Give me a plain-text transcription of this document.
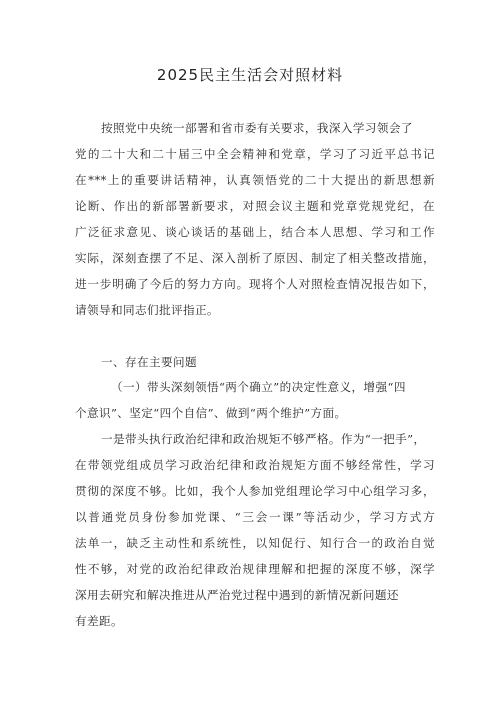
2025民主生活会对照材料
按照党中央统一部署和省市委有关要求，我深入学习领会了
党的二十大和二十届三中全会精神和党章，学习了习近平总书记
在***上的重要讲话精神，认真领悟党的二十大提出的新思想新
论断、作出的新部署新要求，对照会议主题和党章党规党纪，在
广泛征求意见、谈心谈话的基础上，结合本人思想、学习和工作
实际，深刻查摆了不足、深入剖析了原因、制定了相关整改措施，
进一步明确了今后的努力方向。现将个人对照检查情况报告如下，
请领导和同志们批评指正。
一、存在主要问题
（一）带头深刻领悟“两个确立”的决定性意义，增强“四
个意识”、坚定“四个自信”、做到“两个维护”方面。
一是带头执行政治纪律和政治规矩不够严格。作为“一把手”，
在带领党组成员学习政治纪律和政治规矩方面不够经常性，学习
贯彻的深度不够。比如，我个人参加党组理论学习中心组学习多，
以普通党员身份参加党课、“三会一课”等活动少，学习方式方
法单一，缺乏主动性和系统性，以知促行、知行合一的政治自觉
性不够，对党的政治纪律政治规律理解和把握的深度不够，深学
深用去研究和解决推进从严治党过程中遇到的新情况新问题还
有差距。
